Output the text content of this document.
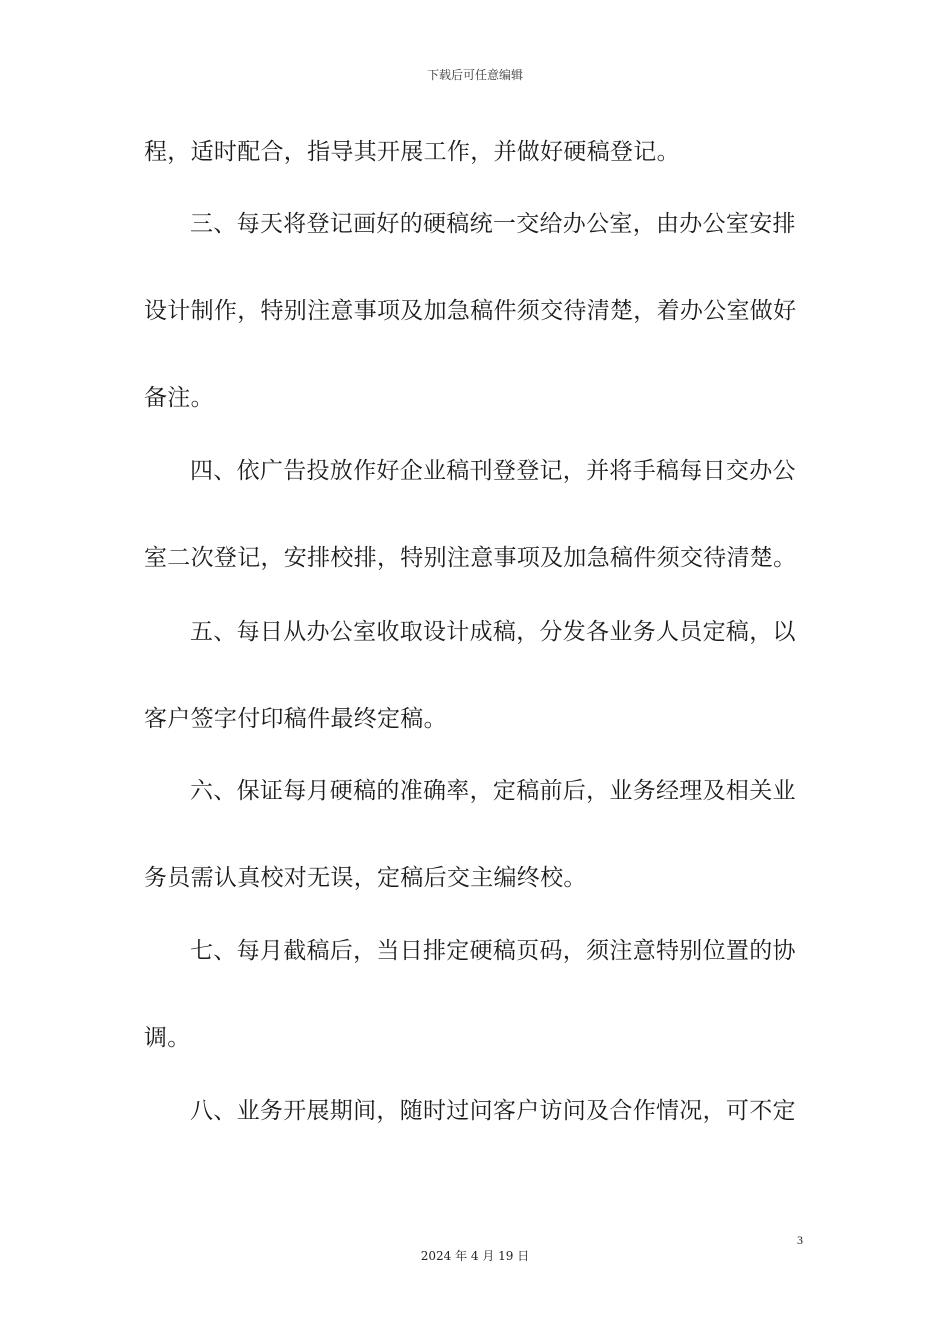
下载后可任意编辑
程，适时配合，指导其开展工作，并做好硬稿登记。
三、每天将登记画好的硬稿统一交给办公室，由办公室安排
设计制作，特别注意事项及加急稿件须交待清楚，着办公室做好
备注。
四、依广告投放作好企业稿刊登登记，并将手稿每日交办公
室二次登记，安排校排，特别注意事项及加急稿件须交待清楚。
五、每日从办公室收取设计成稿，分发各业务人员定稿，以
客户签字付印稿件最终定稿。
六、保证每月硬稿的准确率，定稿前后，业务经理及相关业
务员需认真校对无误，定稿后交主编终校。
七、每月截稿后，当日排定硬稿页码，须注意特别位置的协
调。
八、业务开展期间，随时过问客户访问及合作情况，可不定
3
2024 年 4 月 19 日
